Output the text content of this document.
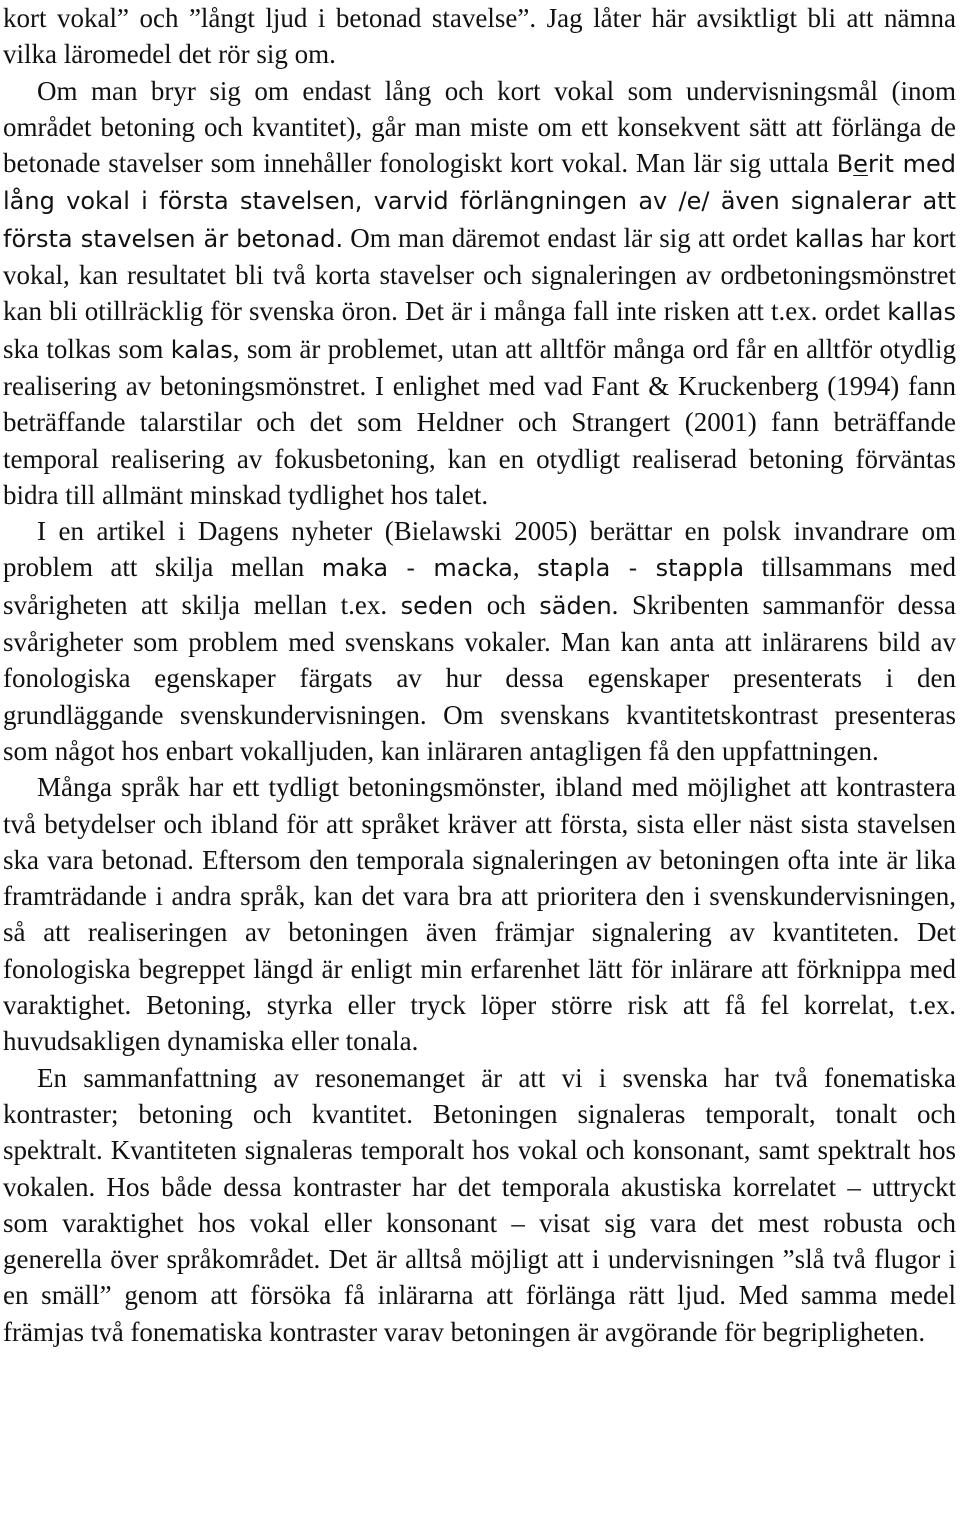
kort vokal” och ”långt ljud i betonad stavelse”. Jag låter här avsiktligt bli att nämna vilka läromedel det rör sig om.

Om man bryr sig om endast lång och kort vokal som undervisningsmål (inom området betoning och kvantitet), går man miste om ett konsekvent sätt att förlänga de betonade stavelser som innehåller fonologiskt kort vokal. Man lär sig uttala Berit med lång vokal i första stavelsen, varvid förlängningen av /e/ även signalerar att första stavelsen är betonad. Om man däremot endast lär sig att ordet kallas har kort vokal, kan resultatet bli två korta stavelser och signaleringen av ordbetoningsmönstret kan bli otillräcklig för svenska öron. Det är i många fall inte risken att t.ex. ordet kallas ska tolkas som kalas, som är problemet, utan att alltför många ord får en alltför otydlig realisering av betoningsmönstret. I enlighet med vad Fant & Kruckenberg (1994) fann beträffande talarstilar och det som Heldner och Strangert (2001) fann beträffande temporal realisering av fokusbetoning, kan en otydligt realiserad betoning förväntas bidra till allmänt minskad tydlighet hos talet.

I en artikel i Dagens nyheter (Bielawski 2005) berättar en polsk invandrare om problem att skilja mellan maka - macka, stapla - stappla tillsammans med svårigheten att skilja mellan t.ex. seden och säden. Skribenten sammanför dessa svårigheter som problem med svenskans vokaler. Man kan anta att inlärarens bild av fonologiska egenskaper färgats av hur dessa egenskaper presenterats i den grundläggande svenskundervisningen. Om svenskans kvantitetskontrast presenteras som något hos enbart vokalljuden, kan inläraren antagligen få den uppfattningen.

Många språk har ett tydligt betoningsmönster, ibland med möjlighet att kontrastera två betydelser och ibland för att språket kräver att första, sista eller näst sista stavelsen ska vara betonad. Eftersom den temporala signaleringen av betoningen ofta inte är lika framträdande i andra språk, kan det vara bra att prioritera den i svenskundervisningen, så att realiseringen av betoningen även främjar signalering av kvantiteten. Det fonologiska begreppet längd är enligt min erfarenhet lätt för inlärare att förknippa med varaktighet. Betoning, styrka eller tryck löper större risk att få fel korrelat, t.ex. huvudsakligen dynamiska eller tonala.

En sammanfattning av resonemanget är att vi i svenska har två fonematiska kontraster; betoning och kvantitet. Betoningen signaleras temporalt, tonalt och spektralt. Kvantiteten signaleras temporalt hos vokal och konsonant, samt spektralt hos vokalen. Hos både dessa kontraster har det temporala akustiska korrelatet – uttryckt som varaktighet hos vokal eller konsonant – visat sig vara det mest robusta och generella över språkområdet. Det är alltså möjligt att i undervisningen ”slå två flugor i en smäll” genom att försöka få inlärarna att förlänga rätt ljud. Med samma medel främjas två fonematiska kontraster varav betoningen är avgörande för begripligheten.
